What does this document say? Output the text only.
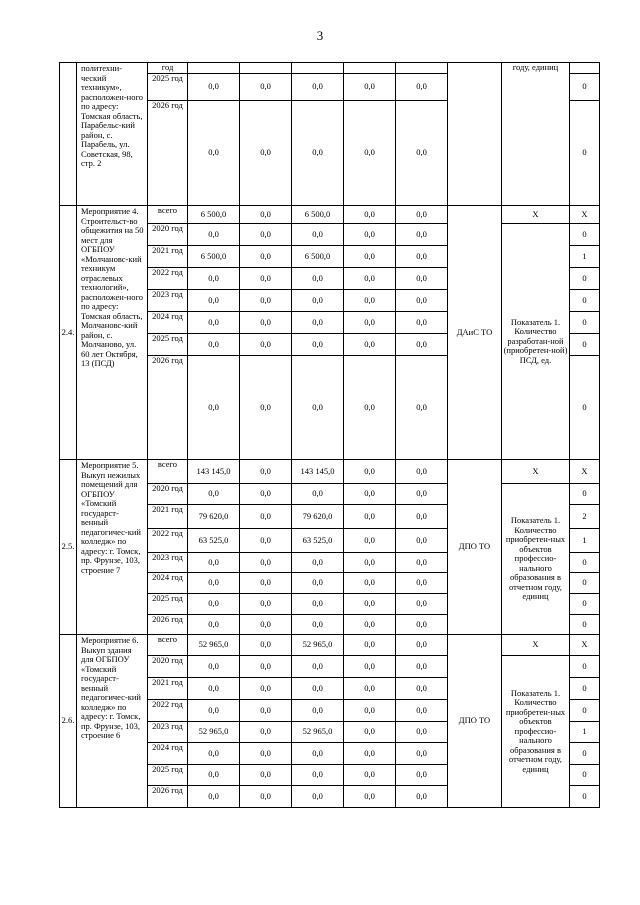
3
	политехни-ческий техникум», расположен-ного по адресу: Томская область, Парабельс-кий район, с. Парабель, ул. Советская, 98, стр. 2	год							году, единиц	
		2025 год	0,0	0,0	0,0	0,0	0,0			0
		2026 год	0,0	0,0	0,0	0,0	0,0			0
2.4.	Мероприятие 4. Строительст-во общежития на 50 мест для ОГБПОУ «Молчановс-кий техникум отраслевых технологий», расположен-ного по адресу: Томская область, Молчановс-кий район, с. Молчаново, ул. 60 лет Октября, 13 (ПСД)	всего	6 500,0	0,0	6 500,0	0,0	0,0	ДАиС ТО	X	X
		2020 год	0,0	0,0	0,0	0,0	0,0		Показатель 1. Количество разработан-ной (приобретен-ной) ПСД, ед.	0
		2021 год	6 500,0	0,0	6 500,0	0,0	0,0			1
		2022 год	0,0	0,0	0,0	0,0	0,0			0
		2023 год	0,0	0,0	0,0	0,0	0,0			0
		2024 год	0,0	0,0	0,0	0,0	0,0			0
		2025 год	0,0	0,0	0,0	0,0	0,0			0
		2026 год	0,0	0,0	0,0	0,0	0,0			0
2.5.	Мероприятие 5. Выкуп нежилых помещений для ОГБПОУ «Томский государст-венный педагогичес-кий колледж» по адресу: г. Томск, пр. Фрунзе, 103, строение 7	всего	143 145,0	0,0	143 145,0	0,0	0,0	ДПО ТО	X	X
		2020 год	0,0	0,0	0,0	0,0	0,0		Показатель 1. Количество приобретен-ных объектов профессио-нального образования в отчетном году, единиц	0
		2021 год	79 620,0	0,0	79 620,0	0,0	0,0			2
		2022 год	63 525,0	0,0	63 525,0	0,0	0,0			1
		2023 год	0,0	0,0	0,0	0,0	0,0			0
		2024 год	0,0	0,0	0,0	0,0	0,0			0
		2025 год	0,0	0,0	0,0	0,0	0,0			0
		2026 год	0,0	0,0	0,0	0,0	0,0			0
2.6.	Мероприятие 6. Выкуп здания для ОГБПОУ «Томский государст-венный педагогичес-кий колледж» по адресу: г. Томск, пр. Фрунзе, 103, строение 6	всего	52 965,0	0,0	52 965,0	0,0	0,0	ДПО ТО	X	X
		2020 год	0,0	0,0	0,0	0,0	0,0		Показатель 1. Количество приобретен-ных объектов профессио-нального образования в отчетном году, единиц	0
		2021 год	0,0	0,0	0,0	0,0	0,0			0
		2022 год	0,0	0,0	0,0	0,0	0,0			0
		2023 год	52 965,0	0,0	52 965,0	0,0	0,0			1
		2024 год	0,0	0,0	0,0	0,0	0,0			0
		2025 год	0,0	0,0	0,0	0,0	0,0			0
		2026 год	0,0	0,0	0,0	0,0	0,0			0
